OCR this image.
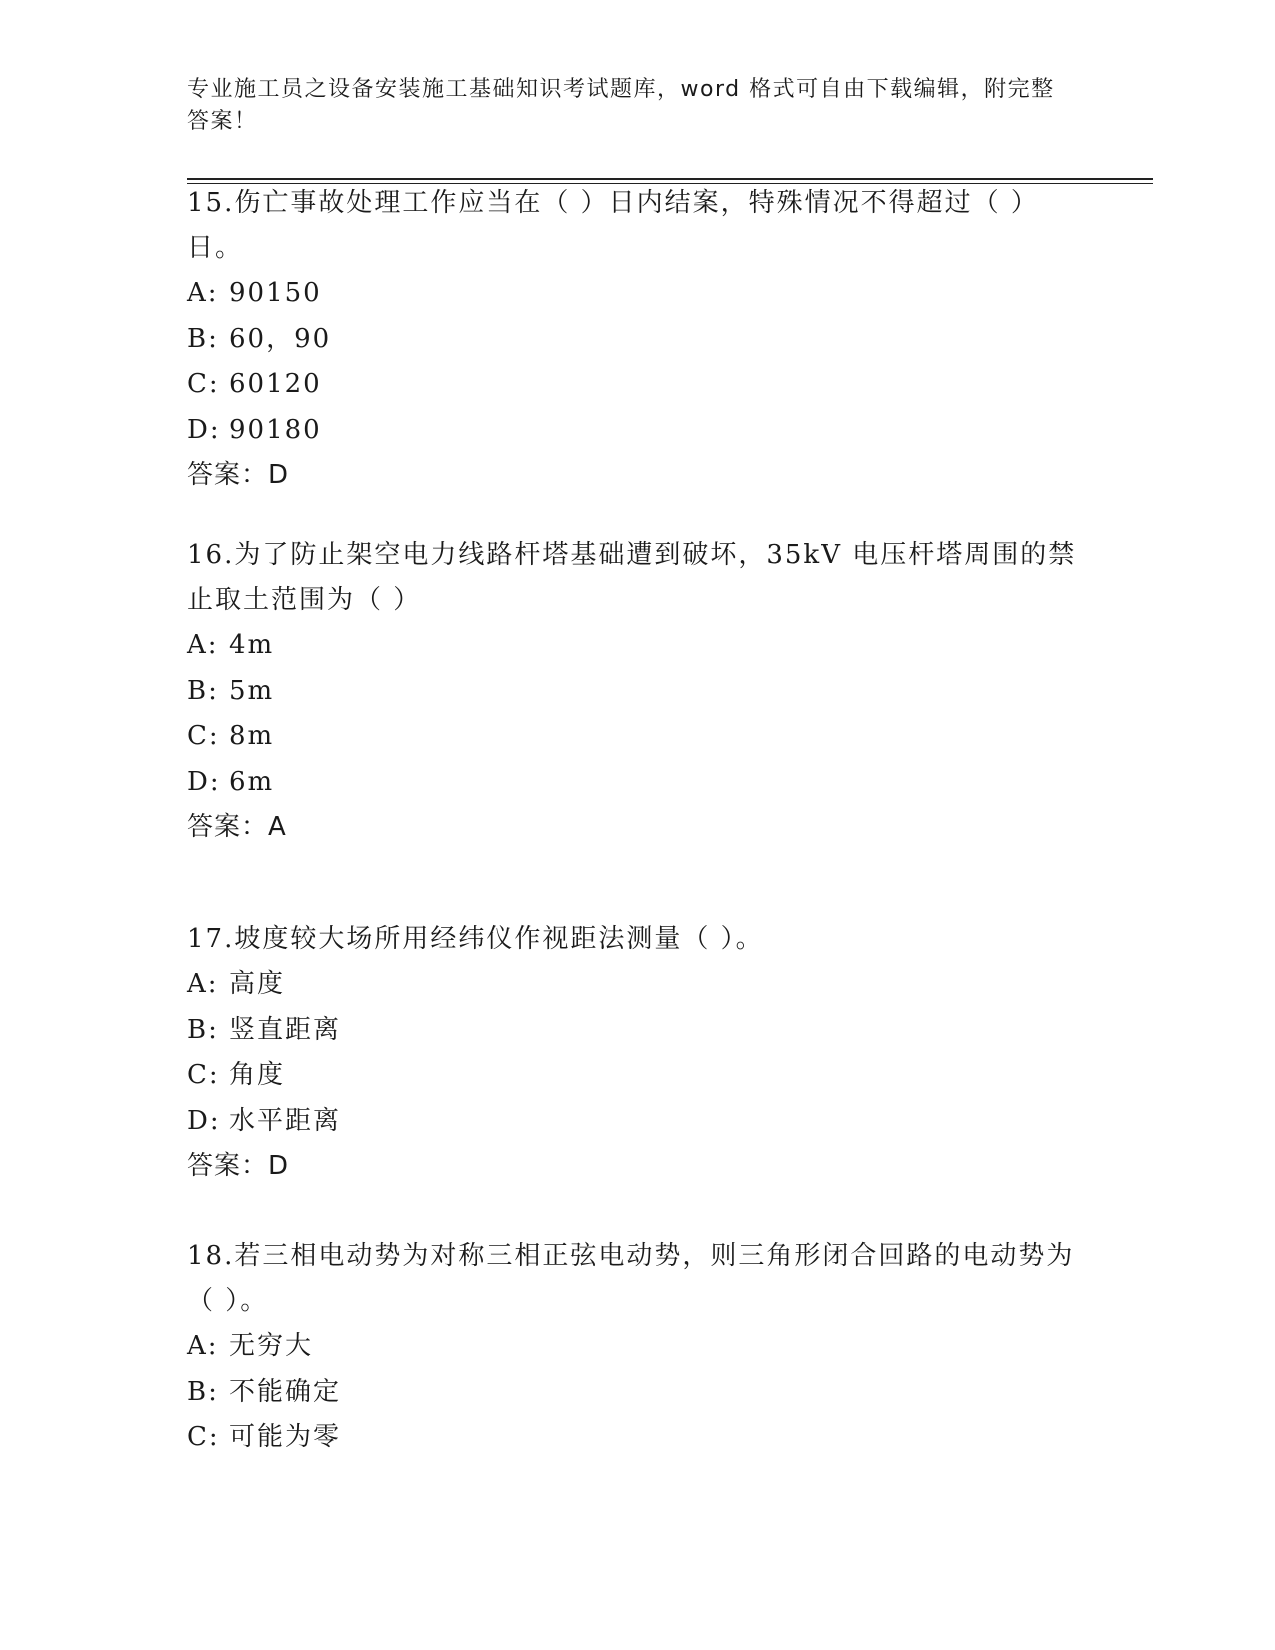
专业施工员之设备安装施工基础知识考试题库，word 格式可自由下载编辑，附完整答案！
15.伤亡事故处理工作应当在（ ）日内结案，特殊情况不得超过（ ）日。
A: 90150
B: 60，90
C: 60120
D: 90180
答案：D
16.为了防止架空电力线路杆塔基础遭到破坏，35kV 电压杆塔周围的禁止取土范围为（ ）
A: 4m
B: 5m
C: 8m
D: 6m
答案：A
17.坡度较大场所用经纬仪作视距法测量（ ）。
A: 高度
B: 竖直距离
C: 角度
D: 水平距离
答案：D
18.若三相电动势为对称三相正弦电动势，则三角形闭合回路的电动势为（ ）。
A: 无穷大
B: 不能确定
C: 可能为零
